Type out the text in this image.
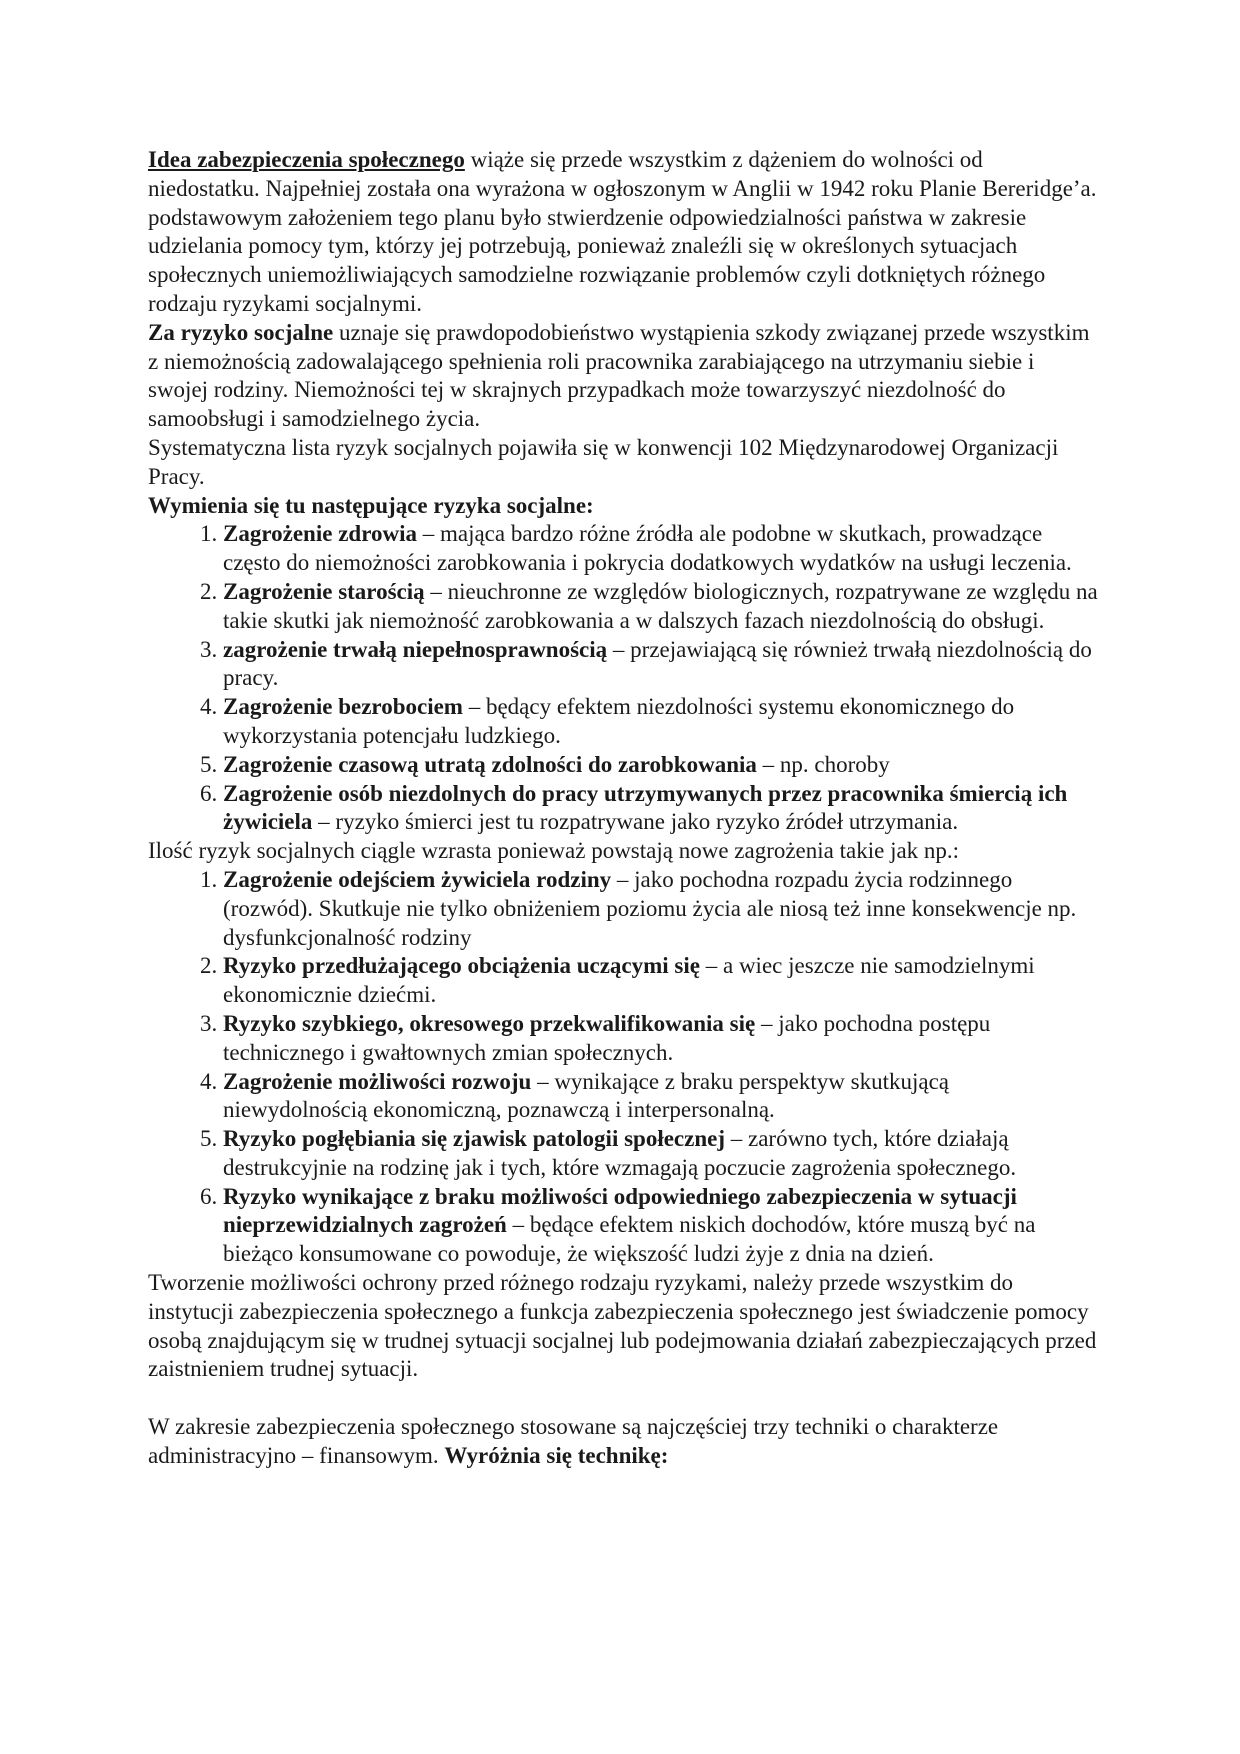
Idea zabezpieczenia społecznego wiąże się przede wszystkim z dążeniem do wolności od niedostatku. Najpełniej została ona wyrażona w ogłoszonym w Anglii w 1942 roku Planie Bereridge’a. podstawowym założeniem tego planu było stwierdzenie odpowiedzialności państwa w zakresie udzielania pomocy tym, którzy jej potrzebują, ponieważ znaleźli się w określonych sytuacjach społecznych uniemożliwiających samodzielne rozwiązanie problemów czyli dotkniętych różnego rodzaju ryzykami socjalnymi.

Za ryzyko socjalne uznaje się prawdopodobieństwo wystąpienia szkody związanej przede wszystkim z niemożnością zadowalającego spełnienia roli pracownika zarabiającego na utrzymaniu siebie i swojej rodziny. Niemożności tej w skrajnych przypadkach może towarzyszyć niezdolność do samoobsługi i samodzielnego życia.

Systematyczna lista ryzyk socjalnych pojawiła się w konwencji 102 Międzynarodowej Organizacji Pracy.

Wymienia się tu następujące ryzyka socjalne:

1. Zagrożenie zdrowia – mająca bardzo różne źródła ale podobne w skutkach, prowadzące często do niemożności zarobkowania i pokrycia dodatkowych wydatków na usługi leczenia.
2. Zagrożenie starością – nieuchronne ze względów biologicznych, rozpatrywane ze względu na takie skutki jak niemożność zarobkowania a w dalszych fazach niezdolnością do obsługi.
3. zagrożenie trwałą niepełnosprawnością – przejawiającą się również trwałą niezdolnością do pracy.
4. Zagrożenie bezrobociem – będący efektem niezdolności systemu ekonomicznego do wykorzystania potencjału ludzkiego.
5. Zagrożenie czasową utratą zdolności do zarobkowania – np. choroby
6. Zagrożenie osób niezdolnych do pracy utrzymywanych przez pracownika śmiercią ich żywiciela – ryzyko śmierci jest tu rozpatrywane jako ryzyko źródeł utrzymania.

Ilość ryzyk socjalnych ciągle wzrasta ponieważ powstają nowe zagrożenia takie jak np.:

1. Zagrożenie odejściem żywiciela rodziny – jako pochodna rozpadu życia rodzinnego (rozwód). Skutkuje nie tylko obniżeniem poziomu życia ale niosą też inne konsekwencje np. dysfunkcjonalność rodziny
2. Ryzyko przedłużającego obciążenia uczącymi się – a wiec jeszcze nie samodzielnymi ekonomicznie dziećmi.
3. Ryzyko szybkiego, okresowego przekwalifikowania się – jako pochodna postępu technicznego i gwałtownych zmian społecznych.
4. Zagrożenie możliwości rozwoju – wynikające z braku perspektyw skutkującą niewydolnością ekonomiczną, poznawczą i interpersonalną.
5. Ryzyko pogłębiania się zjawisk patologii społecznej – zarówno tych, które działają destrukcyjnie na rodzinę jak i tych, które wzmagają poczucie zagrożenia społecznego.
6. Ryzyko wynikające z braku możliwości odpowiedniego zabezpieczenia w sytuacji nieprzewidzialnych zagrożeń – będące efektem niskich dochodów, które muszą być na bieżąco konsumowane co powoduje, że większość ludzi żyje z dnia na dzień.

Tworzenie możliwości ochrony przed różnego rodzaju ryzykami, należy przede wszystkim do instytucji zabezpieczenia społecznego a funkcja zabezpieczenia społecznego jest świadczenie pomocy osobą znajdującym się w trudnej sytuacji socjalnej lub podejmowania działań zabezpieczających przed zaistnieniem trudnej sytuacji.

W zakresie zabezpieczenia społecznego stosowane są najczęściej trzy techniki o charakterze administracyjno – finansowym. Wyróżnia się technikę:
